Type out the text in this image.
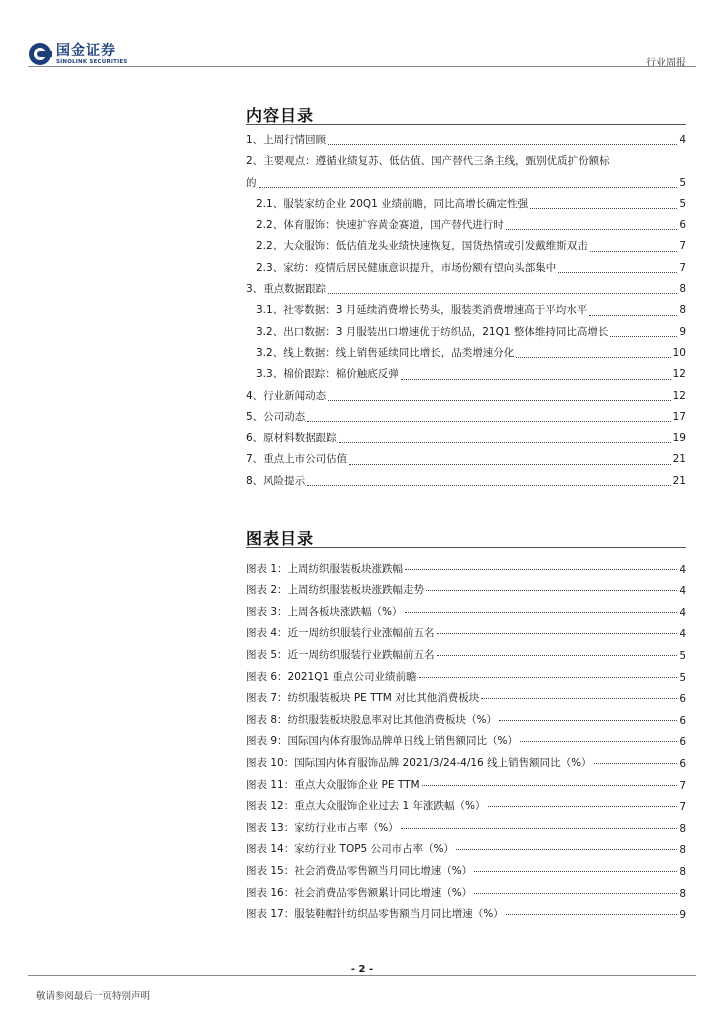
国金证券
SINOLINK SECURITIES	行业周报
内容目录
1、上周行情回顾	4
2、主要观点：遵循业绩复苏、低估值、国产替代三条主线，甄别优质扩份额标
的	5
2.1、服装家纺企业 20Q1 业绩前瞻，同比高增长确定性强	5
2.2、体育服饰：快速扩容黄金赛道，国产替代进行时	6
2.2、大众服饰：低估值龙头业绩快速恢复，国货热情或引发戴维斯双击	7
2.3、家纺：疫情后居民健康意识提升，市场份额有望向头部集中	7
3、重点数据跟踪	8
3.1、社零数据：3 月延续消费增长势头，服装类消费增速高于平均水平	8
3.2、出口数据：3 月服装出口增速优于纺织品，21Q1 整体维持同比高增长	9
3.2、线上数据：线上销售延续同比增长，品类增速分化	10
3.3、棉价跟踪：棉价触底反弹	12
4、行业新闻动态	12
5、公司动态	17
6、原材料数据跟踪	19
7、重点上市公司估值	21
8、风险提示	21
图表目录
图表 1：上周纺织服装板块涨跌幅	4
图表 2：上周纺织服装板块涨跌幅走势	4
图表 3：上周各板块涨跌幅（%）	4
图表 4：近一周纺织服装行业涨幅前五名	4
图表 5：近一周纺织服装行业跌幅前五名	5
图表 6：2021Q1 重点公司业绩前瞻	5
图表 7：纺织服装板块 PE TTM 对比其他消费板块	6
图表 8：纺织服装板块股息率对比其他消费板块（%）	6
图表 9：国际国内体育服饰品牌单日线上销售额同比（%）	6
图表 10：国际国内体育服饰品牌 2021/3/24-4/16 线上销售额同比（%）	6
图表 11：重点大众服饰企业 PE TTM	7
图表 12：重点大众服饰企业过去 1 年涨跌幅（%）	7
图表 13：家纺行业市占率（%）	8
图表 14：家纺行业 TOP5 公司市占率（%）	8
图表 15：社会消费品零售额当月同比增速（%）	8
图表 16：社会消费品零售额累计同比增速（%）	8
图表 17：服装鞋帽针纺织品零售额当月同比增速（%）	9
- 2 -
敬请参阅最后一页特别声明
